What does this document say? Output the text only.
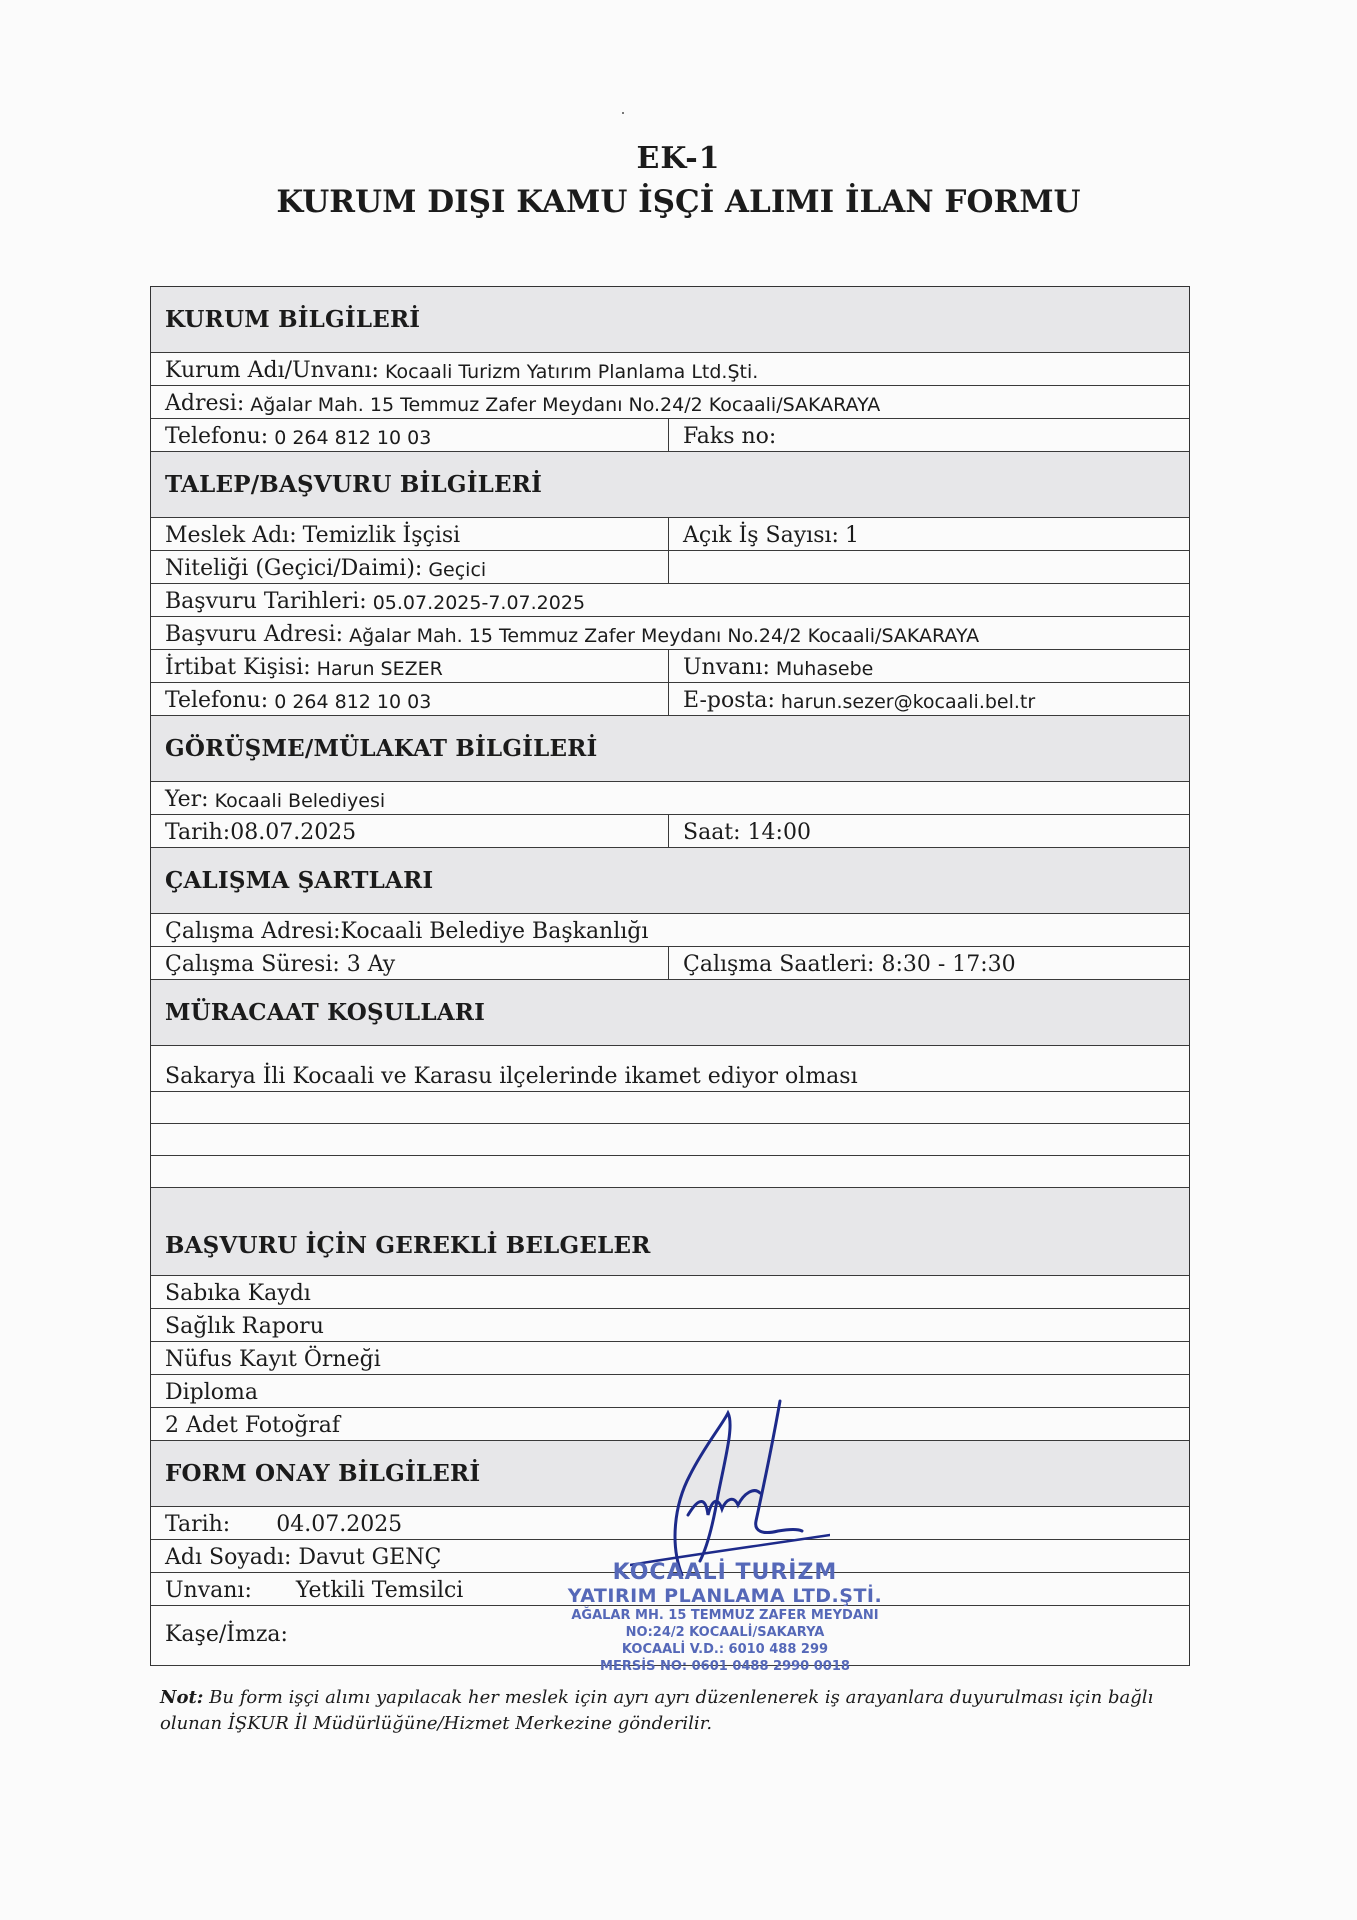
EK-1
KURUM DIŞI KAMU İŞÇİ ALIMI İLAN FORMU
KURUM BİLGİLERİ
Kurum Adı/Unvanı: Kocaali Turizm Yatırım Planlama Ltd.Şti.
Adresi: Ağalar Mah. 15 Temmuz Zafer Meydanı No.24/2 Kocaali/SAKARAYA
Telefonu: 0 264 812 10 03	Faks no:
TALEP/BAŞVURU BİLGİLERİ
Meslek Adı: Temizlik İşçisi	Açık İş Sayısı: 1
Niteliği (Geçici/Daimi): Geçici
Başvuru Tarihleri: 05.07.2025-7.07.2025
Başvuru Adresi: Ağalar Mah. 15 Temmuz Zafer Meydanı No.24/2 Kocaali/SAKARAYA
İrtibat Kişisi: Harun SEZER	Unvanı: Muhasebe
Telefonu: 0 264 812 10 03	E-posta: harun.sezer@kocaali.bel.tr
GÖRÜŞME/MÜLAKAT BİLGİLERİ
Yer: Kocaali Belediyesi
Tarih:08.07.2025	Saat: 14:00
ÇALIŞMA ŞARTLARI
Çalışma Adresi:Kocaali Belediye Başkanlığı
Çalışma Süresi: 3 Ay	Çalışma Saatleri: 8:30 - 17:30
MÜRACAAT KOŞULLARI
Sakarya İli Kocaali ve Karasu ilçelerinde ikamet ediyor olması
BAŞVURU İÇİN GEREKLİ BELGELER
Sabıka Kaydı
Sağlık Raporu
Nüfus Kayıt Örneği
Diploma
2 Adet Fotoğraf
FORM ONAY BİLGİLERİ
Tarih: 04.07.2025
Adı Soyadı: Davut GENÇ
Unvanı: Yetkili Temsilci
Kaşe/İmza:
KOCAALİ TURİZM
YATIRIM PLANLAMA LTD.ŞTİ.
AĞALAR MH. 15 TEMMUZ ZAFER MEYDANI
NO:24/2 KOCAALİ/SAKARYA
KOCAALİ V.D.: 6010 488 299
MERSİS NO: 0601 0488 2990 0018
Not: Bu form işçi alımı yapılacak her meslek için ayrı ayrı düzenlenerek iş arayanlara duyurulması için bağlı olunan İŞKUR İl Müdürlüğüne/Hizmet Merkezine gönderilir.
